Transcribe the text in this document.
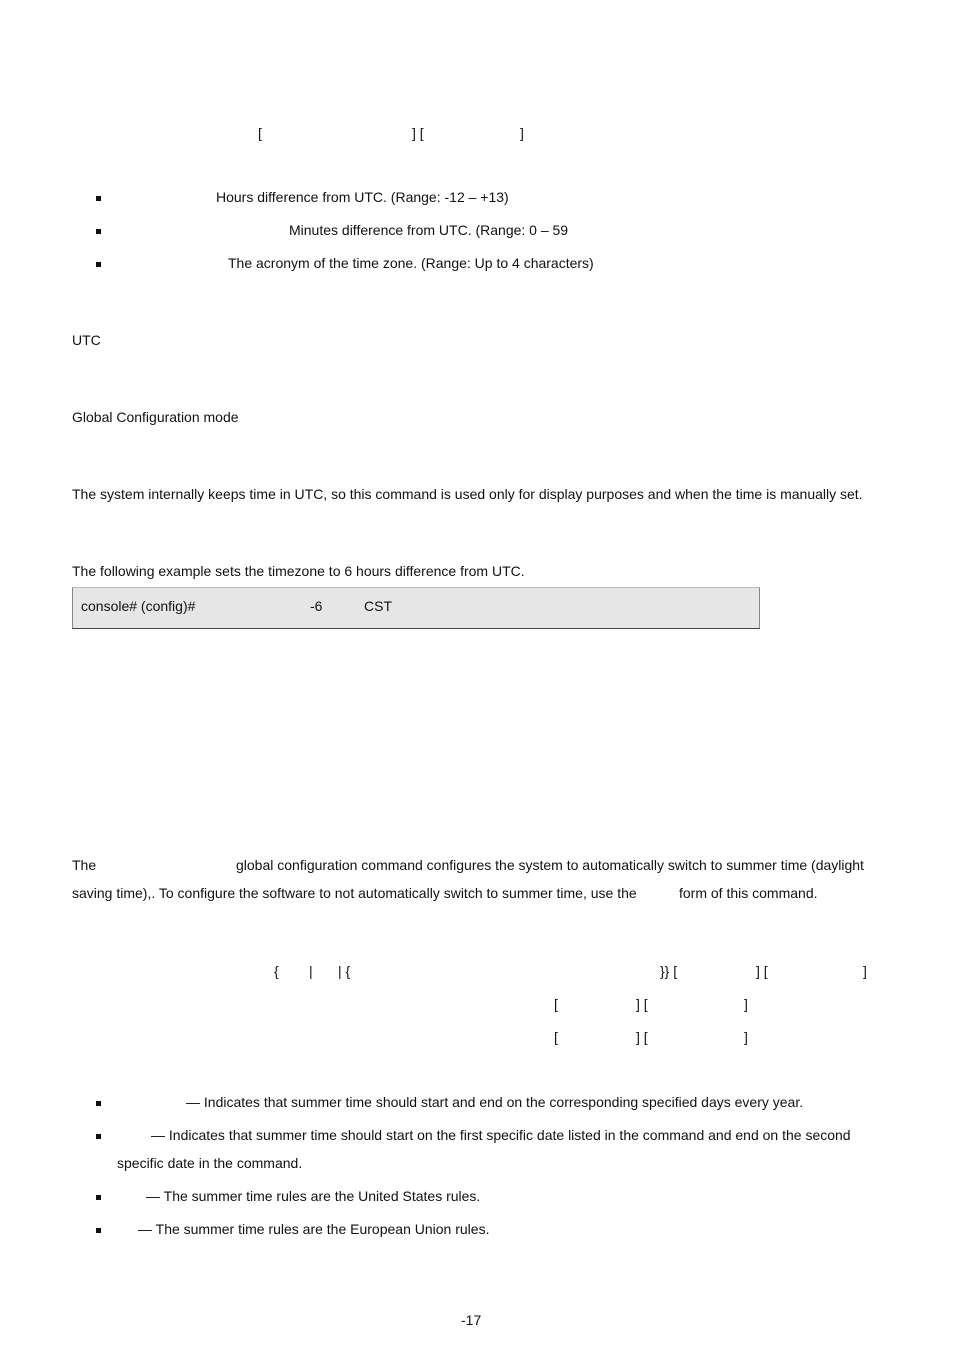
[	] [	]
Hours difference from UTC. (Range: -12 – +13)
Minutes difference from UTC. (Range: 0 – 59
The acronym of the time zone. (Range: Up to 4 characters)
UTC
Global Configuration mode
The system internally keeps time in UTC, so this command is used only for display purposes and when the time is manually set.
The following example sets the timezone to 6 hours difference from UTC.
console# (config)#	-6	CST
The	global configuration command configures the system to automatically switch to summer time (daylight
saving time),. To configure the software to not automatically switch to summer time, use the	form of this command.
{ | | {	}} [	] [	]
[	] [	]
[	] [	]
— Indicates that summer time should start and end on the corresponding specified days every year.
— Indicates that summer time should start on the first specific date listed in the command and end on the second
specific date in the command.
— The summer time rules are the United States rules.
— The summer time rules are the European Union rules.
-17
